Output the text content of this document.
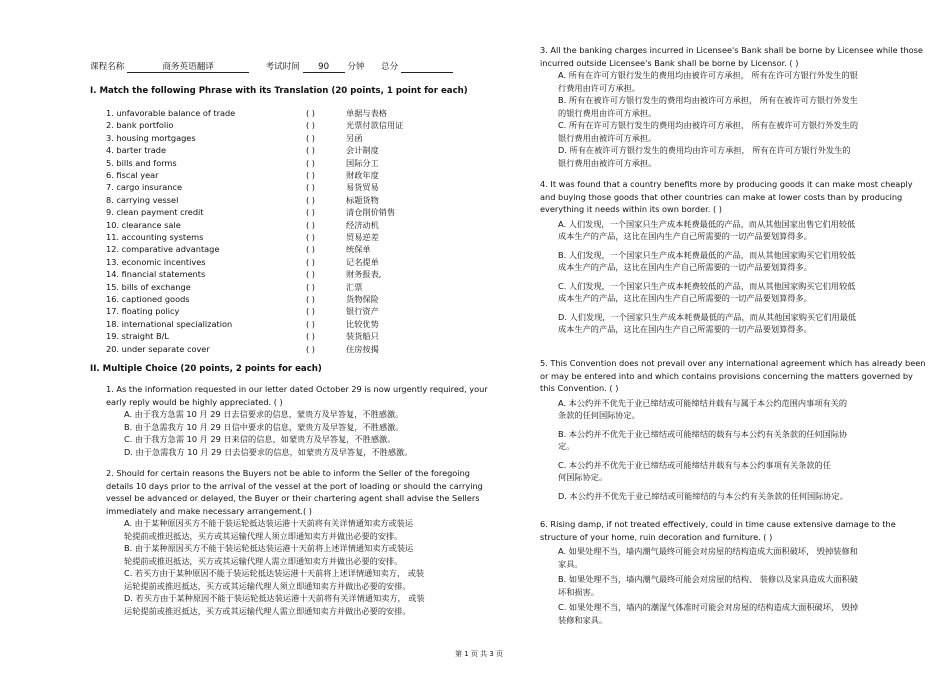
课程名称	商务英语翻译	考试时间 90 分钟 总分
I. Match the following Phrase with its Translation (20 points, 1 point for each)
1. unfavorable balance of trade	( )	单据与表格
2. bank portfolio	( )	光票付款信用证
3. housing mortgages	( )	另函
4. barter trade	( )	会计制度
5. bills and forms	( )	国际分工
6. fiscal year	( )	财政年度
7. cargo insurance	( )	易货贸易
8. carrying vessel	( )	标题货物
9. clean payment credit	( )	清仓削价销售
10. clearance sale	( )	经济动机
11. accounting systems	( )	贸易逆差
12. comparative advantage	( )	统保单
13. economic incentives	( )	记名提单
14. financial statements	( )	财务报表,
15. bills of exchange	( )	汇票
16. captioned goods	( )	货物保险
17. floating policy	( )	银行资产
18. international specialization	( )	比较优势
19. straight B/L	( )	装货船只
20. under separate cover	( )	住房按揭
II. Multiple Choice (20 points, 2 points for each)
1. As the information requested in our letter dated October 29 is now urgently required, your
early reply would be highly appreciated. ( )
A. 由于我方急需 10 月 29 日去信要求的信息，蒙贵方及早答复，不胜感激。
B. 由于急需我方 10 月 29 日信中要求的信息，蒙贵方及早答复，不胜感激。
C. 由于我方急需 10 月 29 日来信的信息，如蒙贵方及早答复，不胜感激。
D. 由于急需我方 10 月 29 日去信要求的信息，如蒙贵方及早答复，不胜感激。
2. Should for certain reasons the Buyers not be able to inform the Seller of the foregoing
details 10 days prior to the arrival of the vessel at the port of loading or should the carrying
vessel be advanced or delayed, the Buyer or their chartering agent shall advise the Sellers
immediately and make necessary arrangement.( )
A. 由于某种原因买方不能于装运轮抵达装运港十天前将有关详情通知卖方或装运
轮提前或推迟抵达，买方或其运输代理人须立即通知卖方并做出必要的安排。
B. 由于某种原因买方不能于装运轮抵达装运港十天前将上述详情通知卖方或装运
轮提前或推迟抵达，买方或其运输代理人需立即通知卖方并做出必要的安排。
C. 若买方由于某种原因不能于装运轮抵达装运港十天前将上述详情通知卖方， 或装
运轮提前或推迟抵达，买方或其运输代理人须立即通知卖方并做出必要的安排。
D. 若买方由于某种原因不能于装运轮抵达装运港十天前将有关详情通知卖方， 或装
运轮提前或推迟抵达，买方或其运输代理人需立即通知卖方并做出必要的安排。
3. All the banking charges incurred in Licensee's Bank shall be borne by Licensee while those
incurred outside Licensee's Bank shall be borne by Licensor. ( )
A. 所有在许可方银行发生的费用均由被许可方承担， 所有在许可方银行外发生的银
行费用由许可方承担。
B. 所有在被许可方银行发生的费用均由被许可方承担， 所有在被许可方银行外发生
的银行费用由许可方承担。
C. 所有在许可方银行发生的费用均由被许可方承担， 所有在被许可方银行外发生的
银行费用由被许可方承担。
D. 所有在被许可方银行发生的费用均由许可方承担， 所有在许可方银行外发生的
银行费用由被许可方承担。
4. It was found that a country benefits more by producing goods it can make most cheaply
and buying those goods that other countries can make at lower costs than by producing
everything it needs within its own border. ( )
A. 人们发现，一个国家只生产成本耗费最低的产品，而从其他国家出售它们用较低
成本生产的产品，这比在国内生产自己所需要的一切产品要划算得多。
B. 人们发现，一个国家只生产成本耗费最低的产品，而从其他国家购买它们用较低
成本生产的产品，这比在国内生产自己所需要的一切产品要划算得多。
C. 人们发现，一个国家只生产成本耗费较低的产品，而从其他国家购买它们用较低
成本生产的产品，这比在国内生产自己所需要的一切产品要划算得多。
D. 人们发现，一个国家只生产成本耗费最低的产品，而从其他国家购买它们用最低
成本生产的产品，这比在国内生产自己所需要的一切产品要划算得多。
5. This Convention does not prevail over any international agreement which has already been
or may be entered into and which contains provisions concerning the matters governed by
this Convention. ( )
A. 本公约并不优先于业已缔结或可能缔结并载有与属于本公约范围内事项有关的
条款的任何国际协定。
B. 本公约并不优先于业已缔结或可能缔结的载有与本公约有关条款的任何国际协
定。
C. 本公约并不优先于业已缔结或可能缔结并载有与本公约事项有关条款的任
何国际协定。
D. 本公约并不优先于业已缔结或可能缔结的与本公约有关条款的任何国际协定。
6. Rising damp, if not treated effectively, could in time cause extensive damage to the
structure of your home, ruin decoration and furniture. ( )
A. 如果处理不当，墙内潮气最终可能会对房屋的结构造成大面积破坏， 毁掉装修和
家具。
B. 如果处理不当，墙内潮气最终可能会对房屋的结构、 装修以及家具造成大面积破
坏和损害。
C. 如果处理不当，墙内的潮湿气体准时可能会对房屋的结构造成大面积破坏， 毁掉
装修和家具。
第 1 页 共 3 页
